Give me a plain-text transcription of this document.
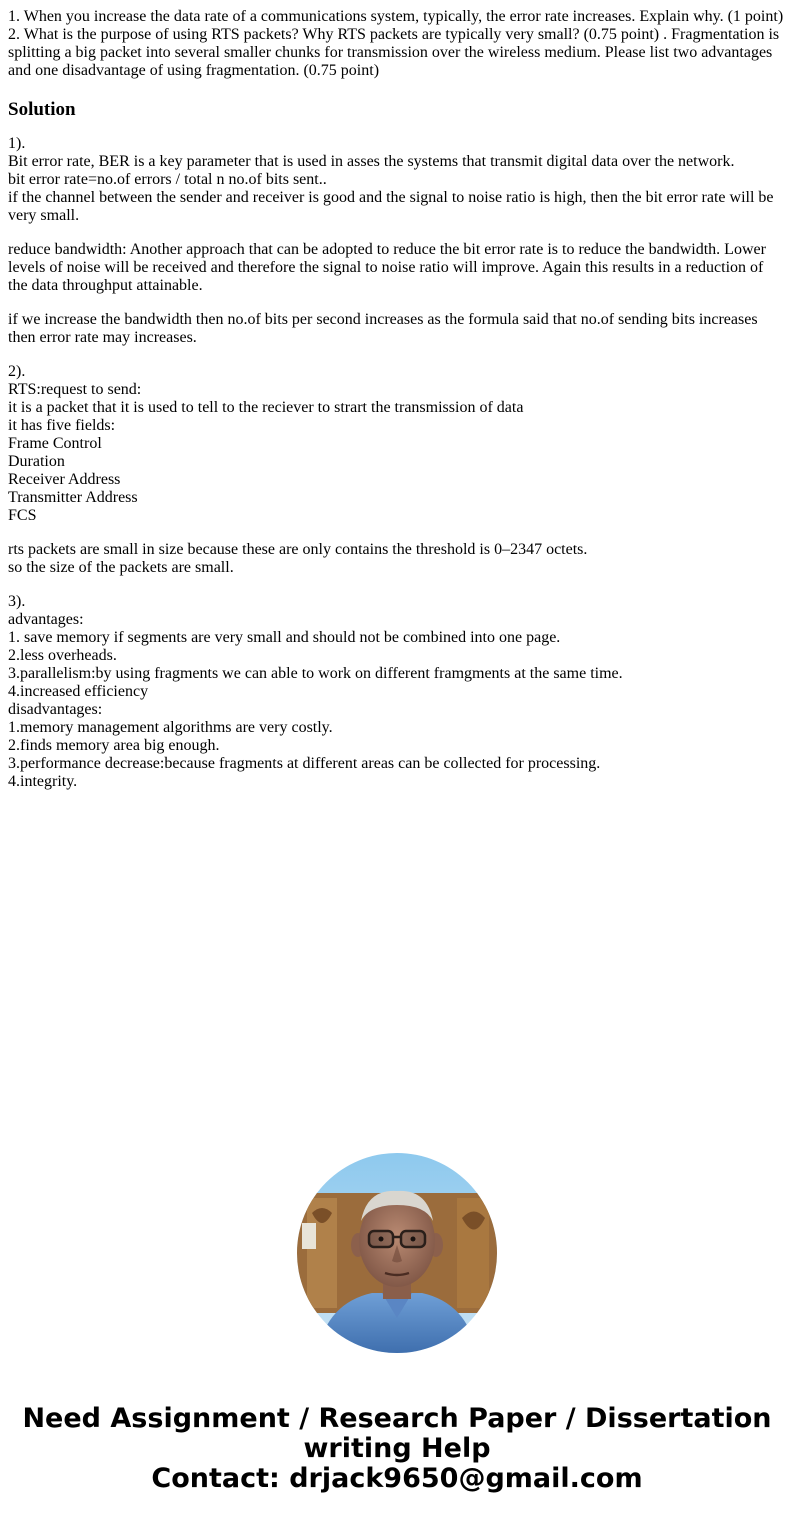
1. When you increase the data rate of a communications system, typically, the error rate increases. Explain why. (1 point)
2. What is the purpose of using RTS packets? Why RTS packets are typically very small? (0.75 point) . Fragmentation is splitting a big packet into several smaller chunks for transmission over the wireless medium. Please list two advantages and one disadvantage of using fragmentation. (0.75 point)
Solution
1).
Bit error rate, BER is a key parameter that is used in asses the systems that transmit digital data over the network.
bit error rate=no.of errors / total n no.of bits sent..
if the channel between the sender and receiver is good and the signal to noise ratio is high, then the bit error rate will be very small.
reduce bandwidth: Another approach that can be adopted to reduce the bit error rate is to reduce the bandwidth. Lower levels of noise will be received and therefore the signal to noise ratio will improve. Again this results in a reduction of the data throughput attainable.
if we increase the bandwidth then no.of bits per second increases as the formula said that no.of sending bits increases then error rate may increases.
2).
RTS:request to send:
it is a packet that it is used to tell to the reciever to strart the transmission of data
it has five fields:
Frame Control
Duration
Receiver Address
Transmitter Address
FCS
rts packets are small in size because these are only contains the threshold is 0–2347 octets.
so the size of the packets are small.
3).
advantages:
1. save memory if segments are very small and should not be combined into one page.
2.less overheads.
3.parallelism:by using fragments we can able to work on different framgments at the same time.
4.increased efficiency
disadvantages:
1.memory management algorithms are very costly.
2.finds memory area big enough.
3.performance decrease:because fragments at different areas can be collected for processing.
4.integrity.
Need Assignment / Research Paper / Dissertation
writing Help
Contact: drjack9650@gmail.com
